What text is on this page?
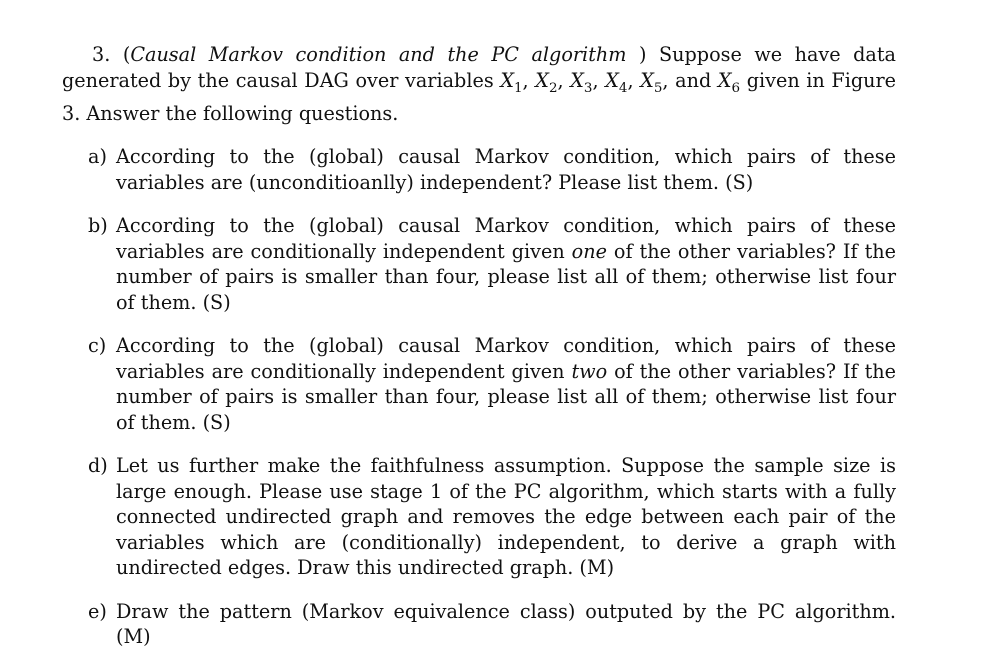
3. (Causal Markov condition and the PC algorithm ) Suppose we have data generated by the causal DAG over variables $X_1$, $X_2$, $X_3$, $X_4$, $X_5$, and $X_6$ given in Figure 3. Answer the following questions.

a) According to the (global) causal Markov condition, which pairs of these variables are (unconditioanlly) independent? Please list them. (S)
b) According to the (global) causal Markov condition, which pairs of these variables are conditionally independent given one of the other variables? If the number of pairs is smaller than four, please list all of them; otherwise list four of them. (S)
c) According to the (global) causal Markov condition, which pairs of these variables are conditionally independent given two of the other variables? If the number of pairs is smaller than four, please list all of them; otherwise list four of them. (S)
d) Let us further make the faithfulness assumption. Suppose the sample size is large enough. Please use stage 1 of the PC algorithm, which starts with a fully connected undirected graph and removes the edge between each pair of the variables which are (conditionally) independent, to derive a graph with undirected edges. Draw this undirected graph. (M)
e) Draw the pattern (Markov equivalence class) outputed by the PC algorithm. (M)
